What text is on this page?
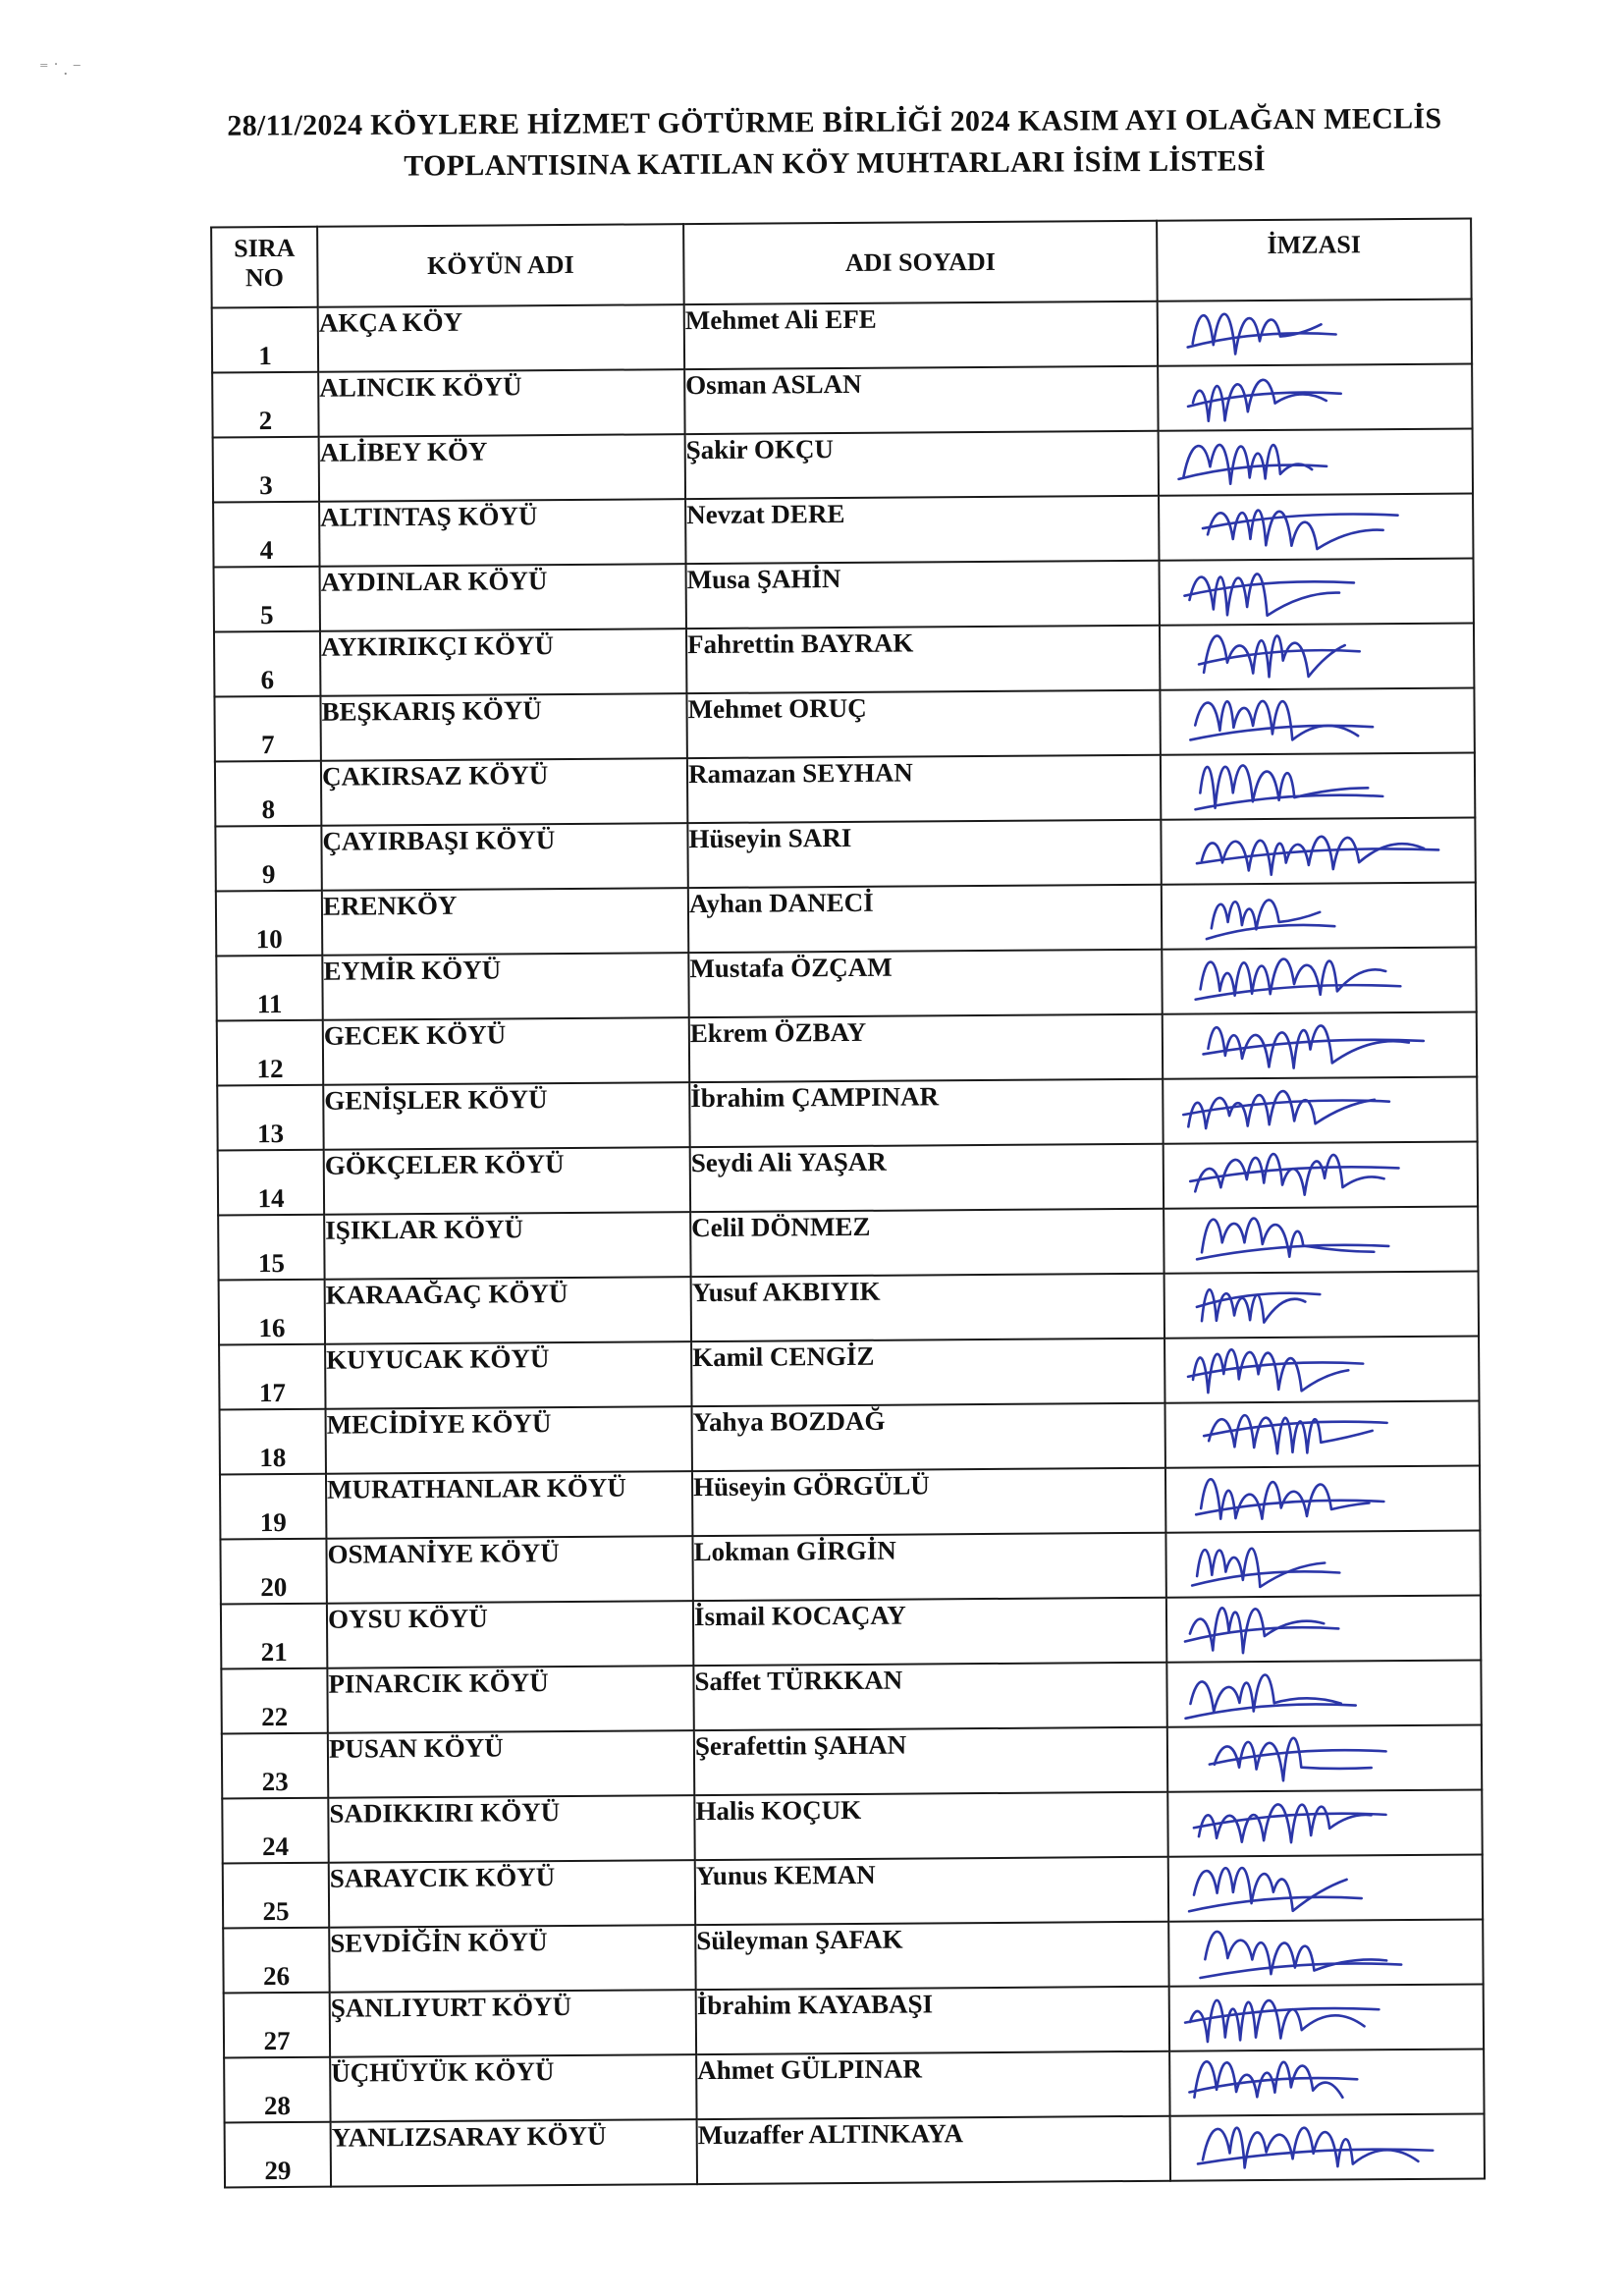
⁼ ˙ . ⁻
28/11/2024 KÖYLERE HİZMET GÖTÜRME BİRLİĞİ 2024 KASIM AYI OLAĞAN MECLİS
TOPLANTISINA KATILAN KÖY MUHTARLARI İSİM LİSTESİ
SIRA
NO	KÖYÜN ADI	ADI SOYADI	İMZASI
1	AKÇA KÖY	Mehmet Ali EFE	

2	ALINCIK KÖYÜ	Osman ASLAN	

3	ALİBEY KÖY	Şakir OKÇU	

4	ALTINTAŞ KÖYÜ	Nevzat DERE	

5	AYDINLAR KÖYÜ	Musa ŞAHİN	

6	AYKIRIKÇI KÖYÜ	Fahrettin BAYRAK	

7	BEŞKARIŞ KÖYÜ	Mehmet ORUÇ	

8	ÇAKIRSAZ KÖYÜ	Ramazan SEYHAN	

9	ÇAYIRBAŞI KÖYÜ	Hüseyin SARI	

10	ERENKÖY	Ayhan DANECİ	

11	EYMİR KÖYÜ	Mustafa ÖZÇAM	

12	GECEK KÖYÜ	Ekrem ÖZBAY	

13	GENİŞLER KÖYÜ	İbrahim ÇAMPINAR	

14	GÖKÇELER KÖYÜ	Seydi Ali YAŞAR	

15	IŞIKLAR KÖYÜ	Celil DÖNMEZ	

16	KARAAĞAÇ KÖYÜ	Yusuf AKBIYIK	

17	KUYUCAK KÖYÜ	Kamil CENGİZ	

18	MECİDİYE KÖYÜ	Yahya BOZDAĞ	

19	MURATHANLAR KÖYÜ	Hüseyin GÖRGÜLÜ	

20	OSMANİYE KÖYÜ	Lokman GİRGİN	

21	OYSU KÖYÜ	İsmail KOCAÇAY	

22	PINARCIK KÖYÜ	Saffet TÜRKKAN	

23	PUSAN KÖYÜ	Şerafettin ŞAHAN	

24	SADIKKIRI KÖYÜ	Halis KOÇUK	

25	SARAYCIK KÖYÜ	Yunus KEMAN	

26	SEVDİĞİN KÖYÜ	Süleyman ŞAFAK	

27	ŞANLIYURT KÖYÜ	İbrahim KAYABAŞI	

28	ÜÇHÜYÜK KÖYÜ	Ahmet GÜLPINAR	

29	YANLIZSARAY KÖYÜ	Muzaffer ALTINKAYA	
